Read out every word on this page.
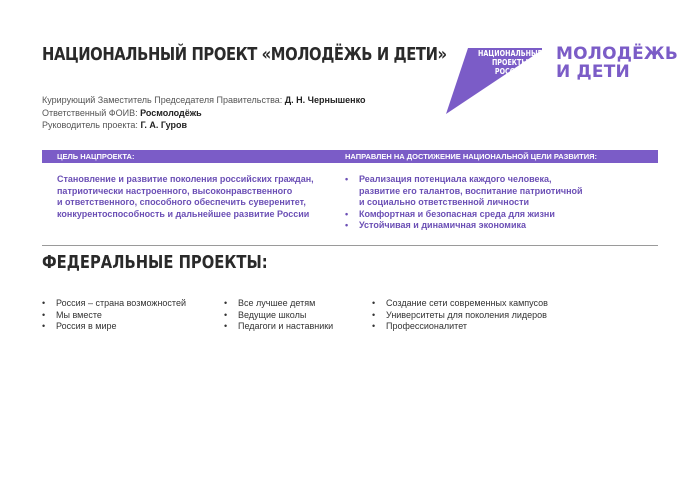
НАЦИОНАЛЬНЫЙ ПРОЕКТ «МОЛОДЁЖЬ И ДЕТИ»	НАЦИОНАЛЬНЫЕ
ПРОЕКТЫ
РОССИИ
МОЛОДЁЖЬ
И ДЕТИ
Курирующий Заместитель Председателя Правительства: Д. Н. Чернышенко
Ответственный ФОИВ: Росмолодёжь
Руководитель проекта: Г. А. Гуров
ЦЕЛЬ НАЦПРОЕКТА:	НАПРАВЛЕН НА ДОСТИЖЕНИЕ НАЦИОНАЛЬНОЙ ЦЕЛИ РАЗВИТИЯ:
Становление и развитие поколения российских граждан,
патриотически настроенного, высоконравственного
и ответственного, способного обеспечить суверенитет,
конкурентоспособность и дальнейшее развитие России
• Реализация потенциала каждого человека,
развитие его талантов, воспитание патриотичной
и социально ответственной личности
• Комфортная и безопасная среда для жизни
• Устойчивая и динамичная экономика
ФЕДЕРАЛЬНЫЕ ПРОЕКТЫ:
• Россия – страна возможностей
• Мы вместе
• Россия в мире
• Все лучшее детям
• Ведущие школы
• Педагоги и наставники
• Создание сети современных кампусов
• Университеты для поколения лидеров
• Профессионалитет
